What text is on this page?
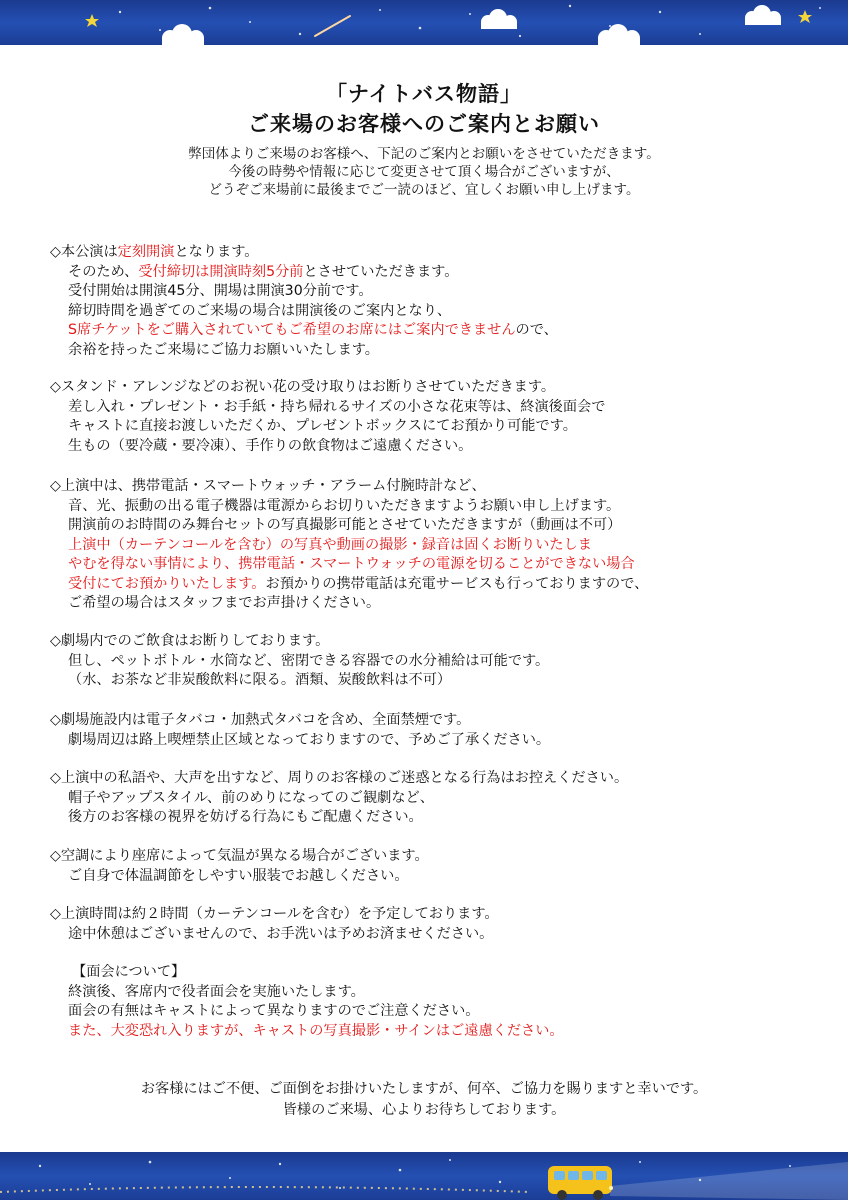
「ナイトバス物語」
ご来場のお客様へのご案内とお願い
弊団体よりご来場のお客様へ、下記のご案内とお願いをさせていただきます。
今後の時勢や情報に応じて変更させて頂く場合がございますが、
どうぞご来場前に最後までご一読のほど、宜しくお願い申し上げます。
◇本公演は定刻開演となります。
そのため、受付締切は開演時刻5分前とさせていただきます。
受付開始は開演45分、開場は開演30分前です。
締切時間を過ぎてのご来場の場合は開演後のご案内となり、
S席チケットをご購入されていてもご希望のお席にはご案内できませんので、
余裕を持ったご来場にご協力お願いいたします。
◇スタンド・アレンジなどのお祝い花の受け取りはお断りさせていただきます。
差し入れ・プレゼント・お手紙・持ち帰れるサイズの小さな花束等は、終演後面会で
キャストに直接お渡しいただくか、プレゼントボックスにてお預かり可能です。
生もの（要冷蔵・要冷凍）、手作りの飲食物はご遠慮ください。
◇上演中は、携帯電話・スマートウォッチ・アラーム付腕時計など、
音、光、振動の出る電子機器は電源からお切りいただきますようお願い申し上げます。
開演前のお時間のみ舞台セットの写真撮影可能とさせていただきますが（動画は不可）
上演中（カーテンコールを含む）の写真や動画の撮影・録音は固くお断りいたしま
やむを得ない事情により、携帯電話・スマートウォッチの電源を切ることができない場合
受付にてお預かりいたします。お預かりの携帯電話は充電サービスも行っておりますので、
ご希望の場合はスタッフまでお声掛けください。
◇劇場内でのご飲食はお断りしております。
但し、ペットボトル・水筒など、密閉できる容器での水分補給は可能です。
（水、お茶など非炭酸飲料に限る。酒類、炭酸飲料は不可）
◇劇場施設内は電子タバコ・加熱式タバコを含め、全面禁煙です。
劇場周辺は路上喫煙禁止区域となっておりますので、予めご了承ください。
◇上演中の私語や、大声を出すなど、周りのお客様のご迷惑となる行為はお控えください。
帽子やアップスタイル、前のめりになってのご観劇など、
後方のお客様の視界を妨げる行為にもご配慮ください。
◇空調により座席によって気温が異なる場合がございます。
ご自身で体温調節をしやすい服装でお越しください。
◇上演時間は約２時間（カーテンコールを含む）を予定しております。
途中休憩はございませんので、お手洗いは予めお済ませください。
【面会について】
終演後、客席内で役者面会を実施いたします。
面会の有無はキャストによって異なりますのでご注意ください。
また、大変恐れ入りますが、キャストの写真撮影・サインはご遠慮ください。
お客様にはご不便、ご面倒をお掛けいたしますが、何卒、ご協力を賜りますと幸いです。
皆様のご来場、心よりお待ちしております。
